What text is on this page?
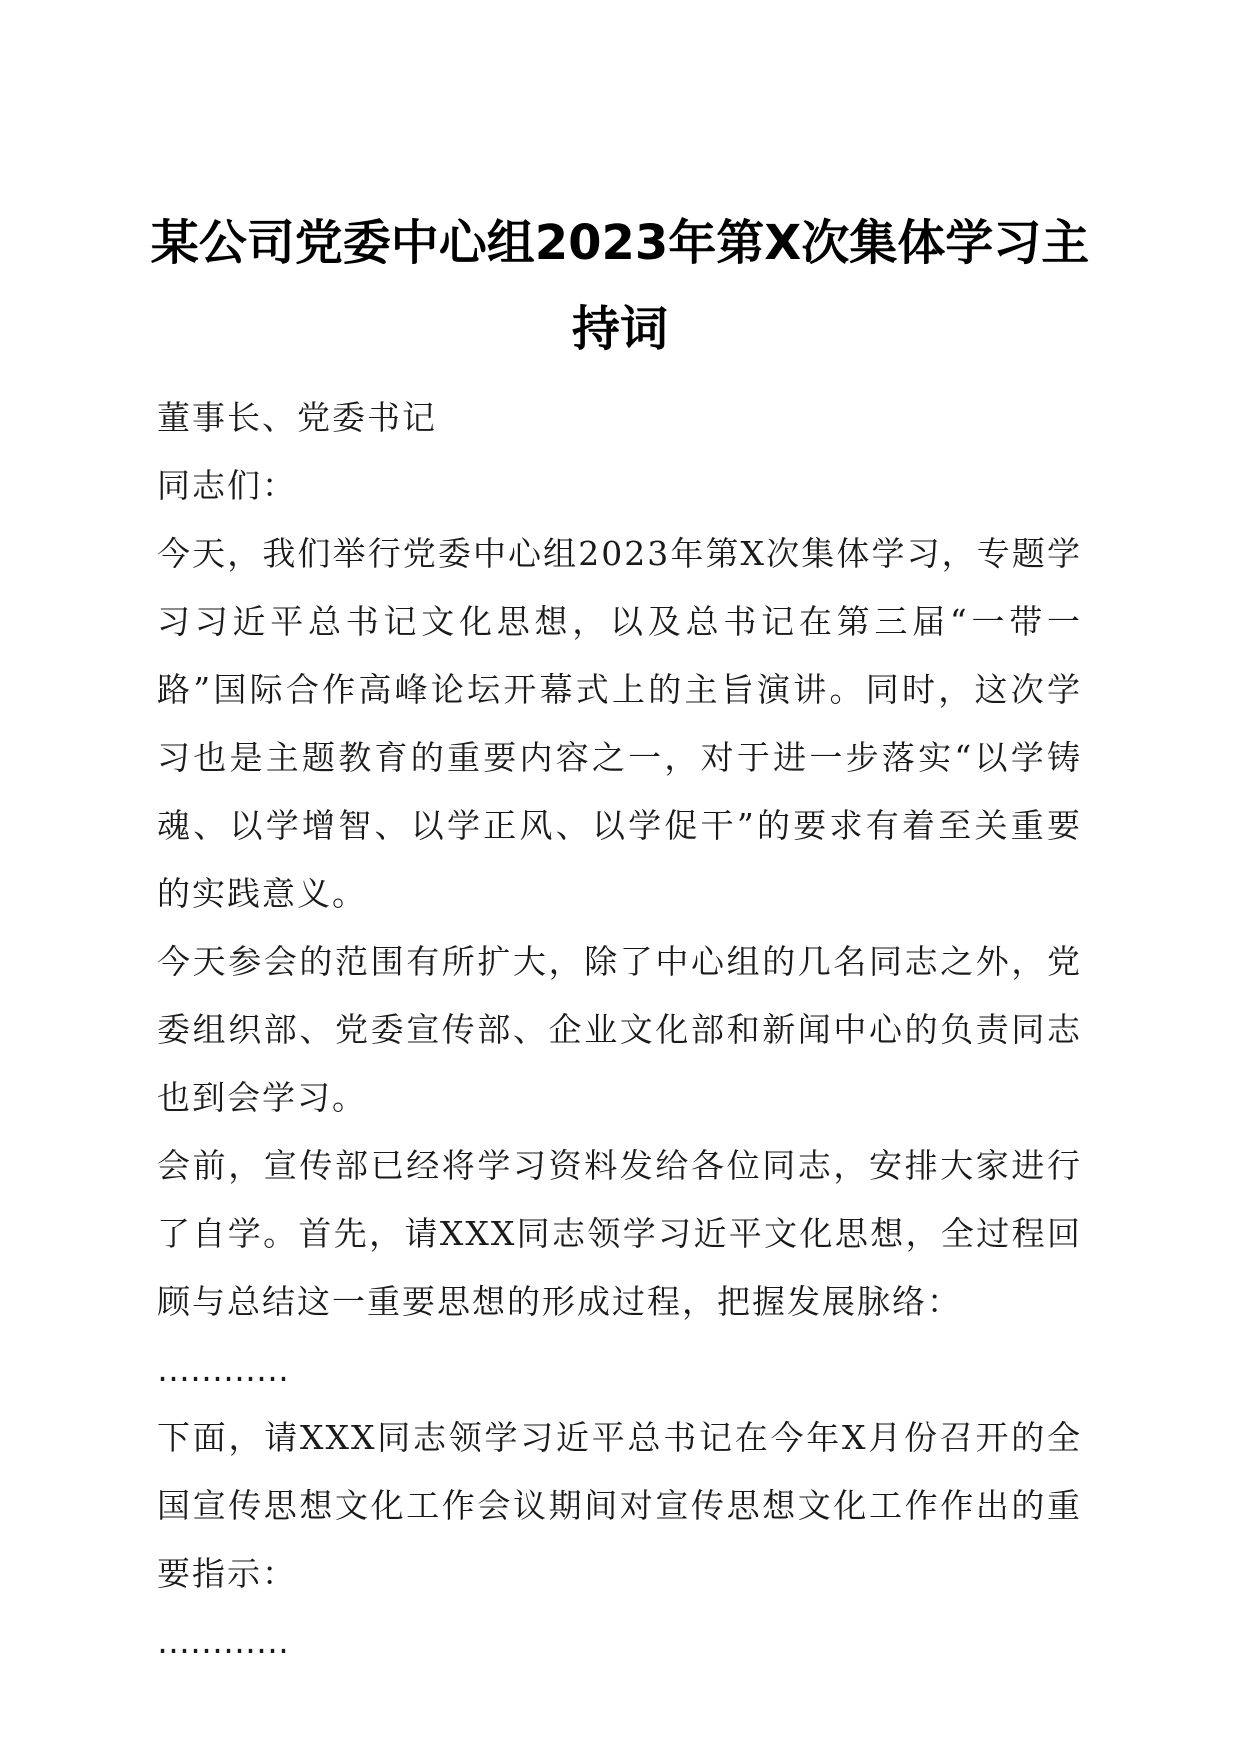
某公司党委中心组2023年第X次集体学习主持词

董事长、党委书记

同志们：

今天，我们举行党委中心组2023年第X次集体学习，专题学习习近平总书记文化思想，以及总书记在第三届“一带一路”国际合作高峰论坛开幕式上的主旨演讲。同时，这次学习也是主题教育的重要内容之一，对于进一步落实“以学铸魂、以学增智、以学正风、以学促干”的要求有着至关重要的实践意义。

今天参会的范围有所扩大，除了中心组的几名同志之外，党委组织部、党委宣传部、企业文化部和新闻中心的负责同志也到会学习。

会前，宣传部已经将学习资料发给各位同志，安排大家进行了自学。首先，请XXX同志领学习近平文化思想，全过程回顾与总结这一重要思想的形成过程，把握发展脉络：

…………

下面，请XXX同志领学习近平总书记在今年X月份召开的全国宣传思想文化工作会议期间对宣传思想文化工作作出的重要指示：

…………
